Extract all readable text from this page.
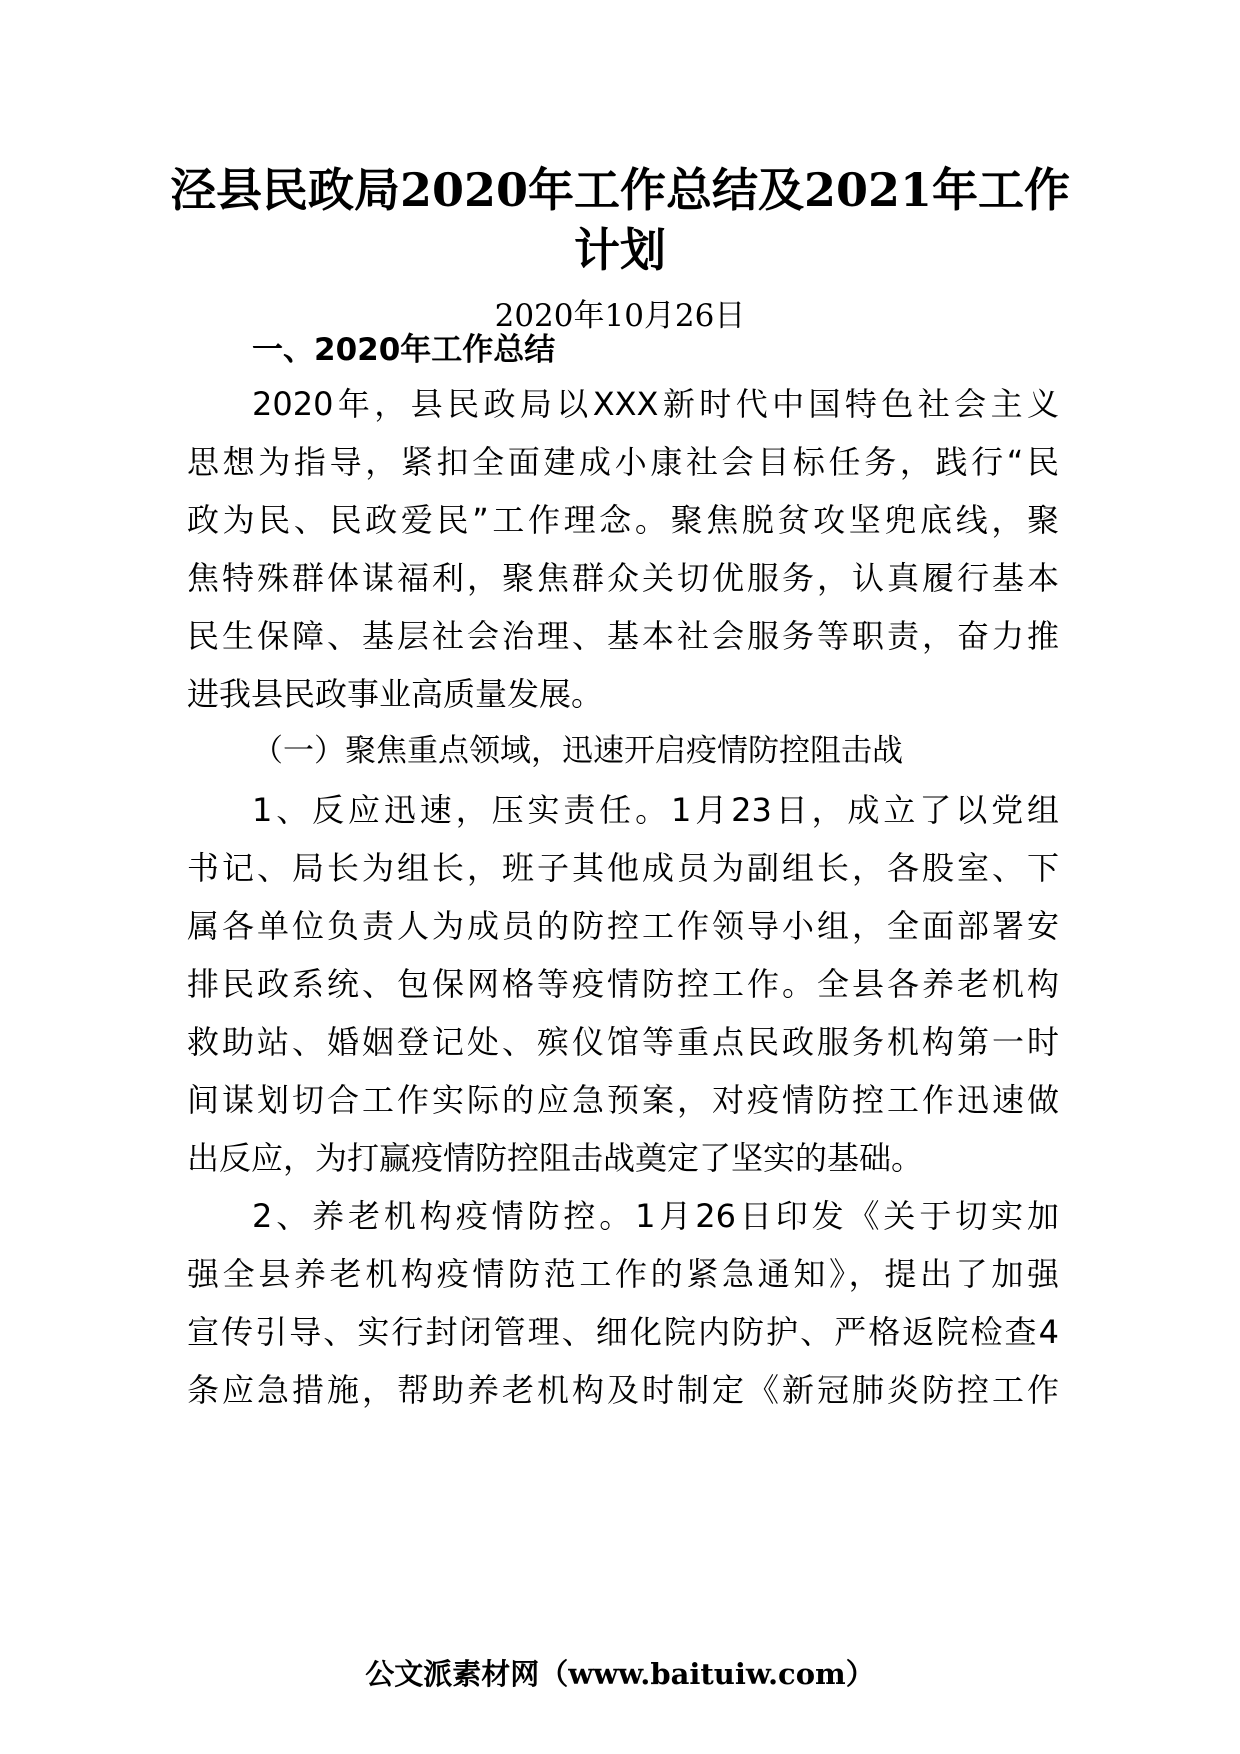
泾县民政局2020年工作总结及2021年工作
计划
2020年10月26日
一、2020年工作总结
2020年，县民政局以XXX新时代中国特色社会主义
思想为指导，紧扣全面建成小康社会目标任务，践行“民
政为民、民政爱民”工作理念。聚焦脱贫攻坚兜底线，聚
焦特殊群体谋福利，聚焦群众关切优服务，认真履行基本
民生保障、基层社会治理、基本社会服务等职责，奋力推
进我县民政事业高质量发展。
（一）聚焦重点领域，迅速开启疫情防控阻击战
1、反应迅速，压实责任。1月23日，成立了以党组
书记、局长为组长，班子其他成员为副组长，各股室、下
属各单位负责人为成员的防控工作领导小组，全面部署安
排民政系统、包保网格等疫情防控工作。全县各养老机构
救助站、婚姻登记处、殡仪馆等重点民政服务机构第一时
间谋划切合工作实际的应急预案，对疫情防控工作迅速做
出反应，为打赢疫情防控阻击战奠定了坚实的基础。
2、养老机构疫情防控。1月26日印发《关于切实加
强全县养老机构疫情防范工作的紧急通知》，提出了加强
宣传引导、实行封闭管理、细化院内防护、严格返院检查4
条应急措施，帮助养老机构及时制定《新冠肺炎防控工作
公文派素材网（www.baituiw.com）
